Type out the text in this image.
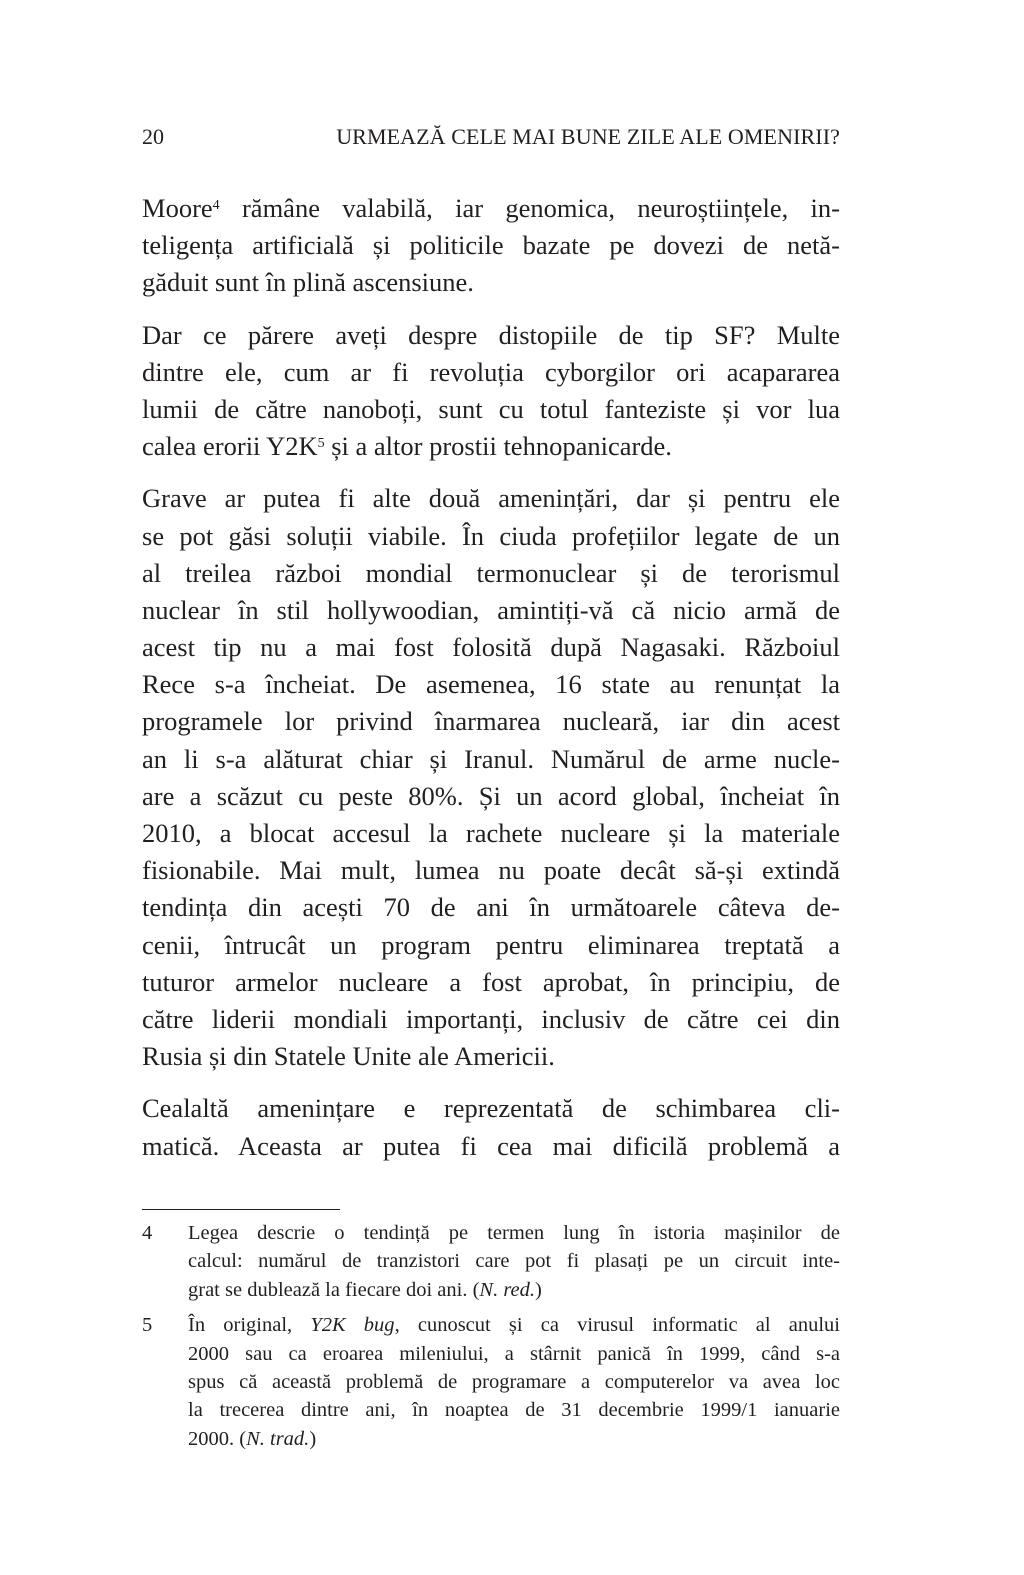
20	URMEAZĂ CELE MAI BUNE ZILE ALE OMENIRII?
Moore$^4$ rămâne valabilă, iar genomica, neuroștiințele, in-
teligența artificială și politicile bazate pe dovezi de netă-
găduit sunt în plină ascensiune.
Dar ce părere aveți despre distopiile de tip SF? Multe
dintre ele, cum ar fi revoluția cyborgilor ori acapararea
lumii de către nanoboți, sunt cu totul fanteziste și vor lua
calea erorii $Y2K^5$ și a altor prostii tehnopanicarde.
Grave ar putea fi alte două amenințări, dar și pentru ele
se pot găsi soluții viabile. În ciuda profețiilor legate de un
al treilea război mondial termonuclear și de terorismul
nuclear în stil hollywoodian, amintiți-vă că nicio armă de
acest tip nu a mai fost folosită după Nagasaki. Războiul
Rece s-a încheiat. De asemenea, 16 state au renunțat la
programele lor privind înarmarea nucleară, iar din acest
an li s-a alăturat chiar și Iranul. Numărul de arme nucle-
are a scăzut cu peste 80%. Și un acord global, încheiat în
2010, a blocat accesul la rachete nucleare și la materiale
fisionabile. Mai mult, lumea nu poate decât să-și extindă
tendința din acești 70 de ani în următoarele câteva de-
cenii, întrucât un program pentru eliminarea treptată a
tuturor armelor nucleare a fost aprobat, în principiu, de
către liderii mondiali importanți, inclusiv de către cei din
Rusia și din Statele Unite ale Americii.
Cealaltă amenințare e reprezentată de schimbarea cli-
matică. Aceasta ar putea fi cea mai dificilă problemă a
4 Legea descrie o tendință pe termen lung în istoria mașinilor de
calcul: numărul de tranzistori care pot fi plasați pe un circuit inte-
grat se dublează la fiecare doi ani. (N. red.)
5 În original, Y2K bug, cunoscut și ca virusul informatic al anului
2000 sau ca eroarea mileniului, a stârnit panică în 1999, când s-a
spus că această problemă de programare a computerelor va avea loc
la trecerea dintre ani, în noaptea de 31 decembrie 1999/1 ianuarie
2000. (N. trad.)
